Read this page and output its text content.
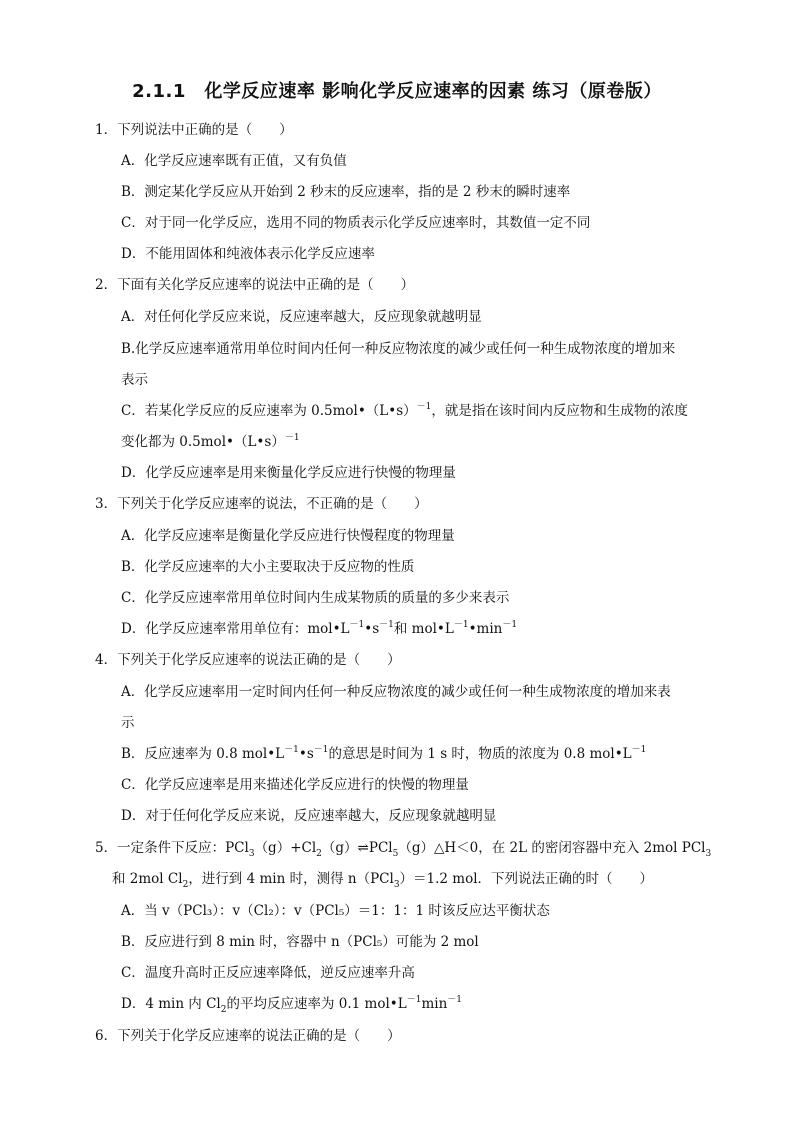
2.1.1　化学反应速率 影响化学反应速率的因素 练习（原卷版）
1．下列说法中正确的是（　　）
A．化学反应速率既有正值，又有负值
B．测定某化学反应从开始到 2 秒末的反应速率，指的是 2 秒末的瞬时速率
C．对于同一化学反应，选用不同的物质表示化学反应速率时，其数值一定不同
D．不能用固体和纯液体表示化学反应速率
2．下面有关化学反应速率的说法中正确的是（　　）
A．对任何化学反应来说，反应速率越大，反应现象就越明显
B.化学反应速率通常用单位时间内任何一种反应物浓度的减少或任何一种生成物浓度的增加来
表示
C．若某化学反应的反应速率为 0.5mol•（L•s）$^{-1}$，就是指在该时间内反应物和生成物的浓度
变化都为 0.5mol•（L•s）$^{-1}$
D．化学反应速率是用来衡量化学反应进行快慢的物理量
3．下列关于化学反应速率的说法，不正确的是（　　）
A．化学反应速率是衡量化学反应进行快慢程度的物理量
B．化学反应速率的大小主要取决于反应物的性质
C．化学反应速率常用单位时间内生成某物质的质量的多少来表示
D．化学反应速率常用单位有：$mol•L^{-1}•s^{-1}$和 $mol•L^{-1}•\min^{-1}$
4．下列关于化学反应速率的说法正确的是（　　）
A．化学反应速率用一定时间内任何一种反应物浓度的减少或任何一种生成物浓度的增加来表
示
B．反应速率为 0.8 $mol•L^{-1}•s^{-1}$的意思是时间为 1 s 时，物质的浓度为 0.8 $mol•L^{-1}$
C．化学反应速率是用来描述化学反应进行的快慢的物理量
D．对于任何化学反应来说，反应速率越大，反应现象就越明显
5．一定条件下反应：$PCl_3(g)+Cl_2(g)\rightleftharpoons PCl_5(g)\triangle H<0$，在 2L 的密闭容器中充入 2mol PCl$_3$
和 2mol $Cl_2$，进行到 4 min 时，测得 n（PCl$_3$）＝1.2 mol．下列说法正确的时（　　）
A．当 v（PCl₃）：v（Cl₂）：v（PCl₅）＝1：1：1 时该反应达平衡状态
B．反应进行到 8 min 时，容器中 n（PCl₅）可能为 2 mol
C．温度升高时正反应速率降低，逆反应速率升高
D．4 min 内 $Cl_2$的平均反应速率为 0.1 $mol•L^{-1}\min^{-1}$
6．下列关于化学反应速率的说法正确的是（　　）
